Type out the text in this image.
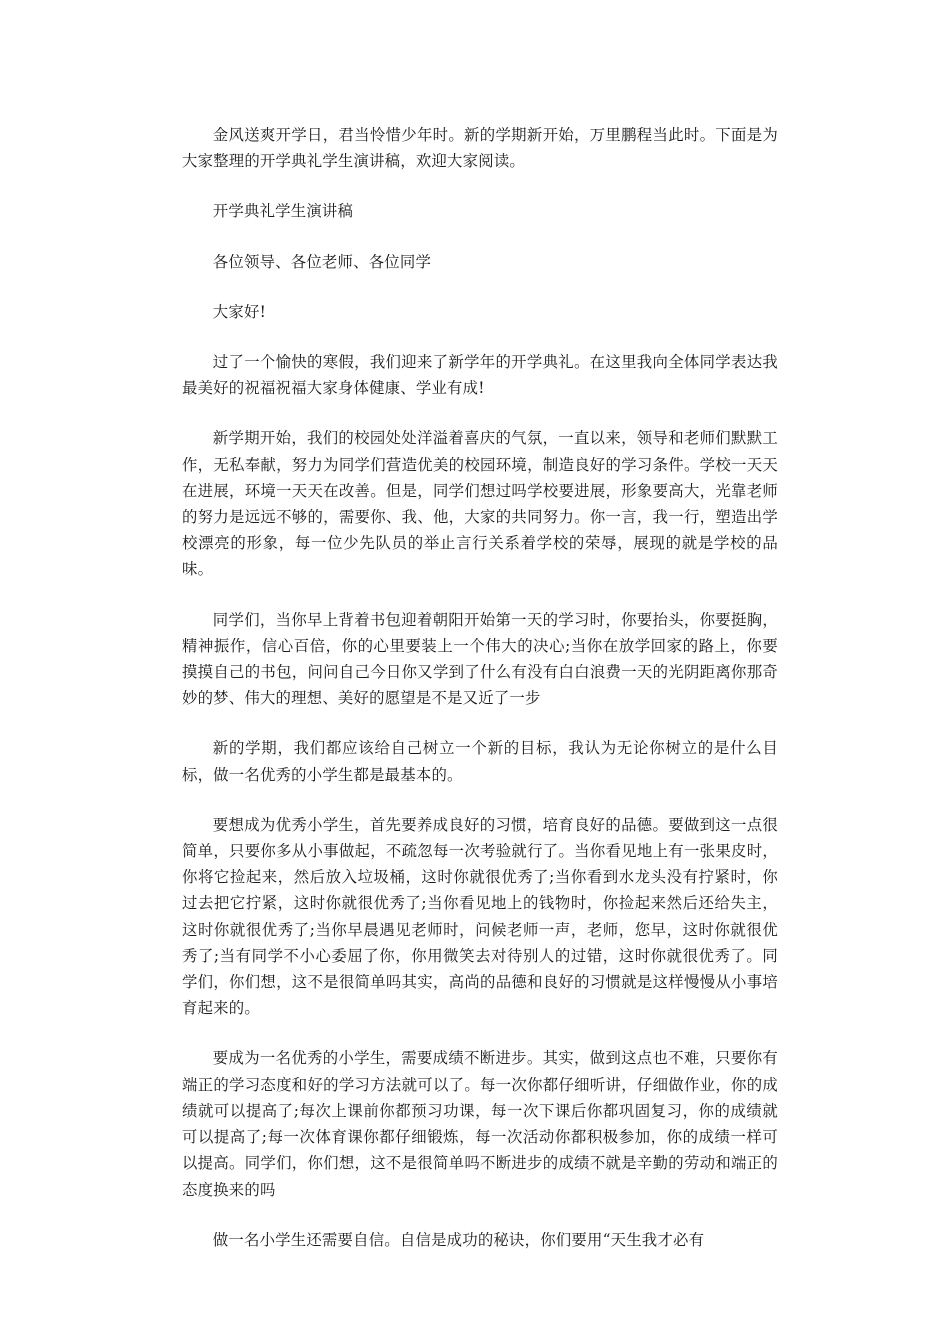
金风送爽开学日，君当怜惜少年时。新的学期新开始，万里鹏程当此时。下面是为大家整理的开学典礼学生演讲稿，欢迎大家阅读。

开学典礼学生演讲稿

各位领导、各位老师、各位同学

大家好!

过了一个愉快的寒假，我们迎来了新学年的开学典礼。在这里我向全体同学表达我最美好的祝福祝福大家身体健康、学业有成!

新学期开始，我们的校园处处洋溢着喜庆的气氛，一直以来，领导和老师们默默工作，无私奉献，努力为同学们营造优美的校园环境，制造良好的学习条件。学校一天天在进展，环境一天天在改善。但是，同学们想过吗学校要进展，形象要高大，光靠老师的努力是远远不够的，需要你、我、他，大家的共同努力。你一言，我一行，塑造出学校漂亮的形象，每一位少先队员的举止言行关系着学校的荣辱，展现的就是学校的品味。

同学们，当你早上背着书包迎着朝阳开始第一天的学习时，你要抬头，你要挺胸，精神振作，信心百倍，你的心里要装上一个伟大的决心;当你在放学回家的路上，你要摸摸自己的书包，问问自己今日你又学到了什么有没有白白浪费一天的光阴距离你那奇妙的梦、伟大的理想、美好的愿望是不是又近了一步

新的学期，我们都应该给自己树立一个新的目标，我认为无论你树立的是什么目标，做一名优秀的小学生都是最基本的。

要想成为优秀小学生，首先要养成良好的习惯，培育良好的品德。要做到这一点很简单，只要你多从小事做起，不疏忽每一次考验就行了。当你看见地上有一张果皮时，你将它捡起来，然后放入垃圾桶，这时你就很优秀了;当你看到水龙头没有拧紧时，你过去把它拧紧，这时你就很优秀了;当你看见地上的钱物时，你捡起来然后还给失主，这时你就很优秀了;当你早晨遇见老师时，问候老师一声，老师，您早，这时你就很优秀了;当有同学不小心委屈了你，你用微笑去对待别人的过错，这时你就很优秀了。同学们，你们想，这不是很简单吗其实，高尚的品德和良好的习惯就是这样慢慢从小事培育起来的。

要成为一名优秀的小学生，需要成绩不断进步。其实，做到这点也不难，只要你有端正的学习态度和好的学习方法就可以了。每一次你都仔细听讲，仔细做作业，你的成绩就可以提高了;每次上课前你都预习功课，每一次下课后你都巩固复习，你的成绩就可以提高了;每一次体育课你都仔细锻炼，每一次活动你都积极参加，你的成绩一样可以提高。同学们，你们想，这不是很简单吗不断进步的成绩不就是辛勤的劳动和端正的态度换来的吗

做一名小学生还需要自信。自信是成功的秘诀，你们要用“天生我才必有
